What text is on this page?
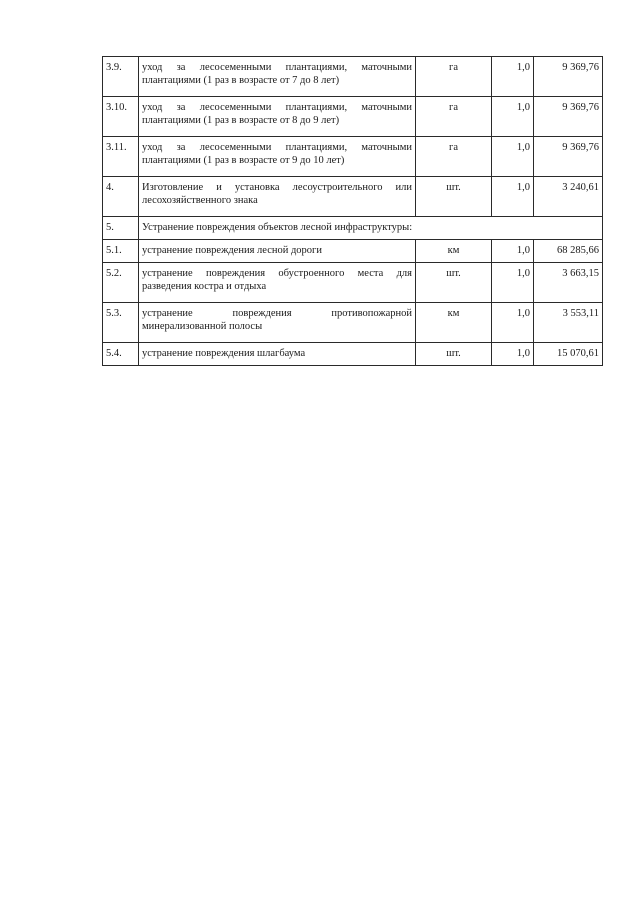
3.9.	уход за лесосеменными плантациями, маточными плантациями (1 раз в возрасте от 7 до 8 лет)	га	1,0	9 369,76
3.10.	уход за лесосеменными плантациями, маточными плантациями (1 раз в возрасте от 8 до 9 лет)	га	1,0	9 369,76
3.11.	уход за лесосеменными плантациями, маточными плантациями (1 раз в возрасте от 9 до 10 лет)	га	1,0	9 369,76
4.	Изготовление и установка лесоустроительного или лесохозяйственного знака	шт.	1,0	3 240,61
5.	Устранение повреждения объектов лесной инфраструктуры:			
5.1.	устранение повреждения лесной дороги	км	1,0	68 285,66
5.2.	устранение повреждения обустроенного места для разведения костра и отдыха	шт.	1,0	3 663,15
5.3.	устранение повреждения противопожарной минерализованной полосы	км	1,0	3 553,11
5.4.	устранение повреждения шлагбаума	шт.	1,0	15 070,61
